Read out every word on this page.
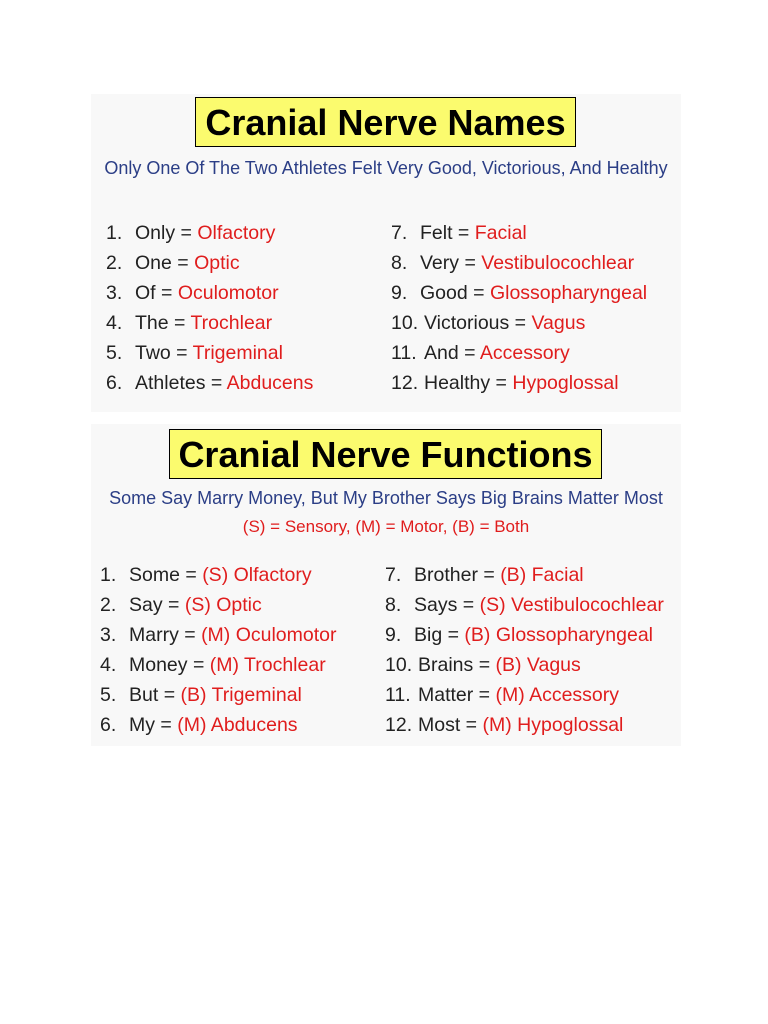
Cranial Nerve Names
Only One Of The Two Athletes Felt Very Good, Victorious, And Healthy
1. Only = Olfactory
2. One = Optic
3. Of = Oculomotor
4. The = Trochlear
5. Two = Trigeminal
6. Athletes = Abducens
7. Felt = Facial
8. Very = Vestibulocochlear
9. Good = Glossopharyngeal
10. Victorious = Vagus
11. And = Accessory
12. Healthy = Hypoglossal
Cranial Nerve Functions
Some Say Marry Money, But My Brother Says Big Brains Matter Most
(S) = Sensory, (M) = Motor, (B) = Both
1. Some = (S) Olfactory
2. Say = (S) Optic
3. Marry = (M) Oculomotor
4. Money = (M) Trochlear
5. But = (B) Trigeminal
6. My = (M) Abducens
7. Brother = (B) Facial
8. Says = (S) Vestibulocochlear
9. Big = (B) Glossopharyngeal
10. Brains = (B) Vagus
11. Matter = (M) Accessory
12. Most = (M) Hypoglossal
